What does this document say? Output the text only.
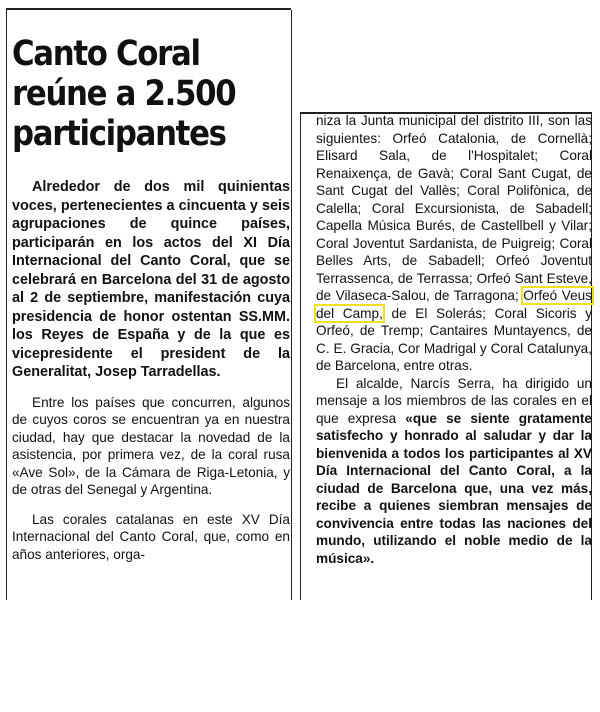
Canto Coral reúne a 2.500 participantes

Alrededor de dos mil quinientas voces, pertenecientes a cincuenta y seis agrupaciones de quince países, participarán en los actos del XI Día Internacional del Canto Coral, que se celebrará en Barcelona del 31 de agosto al 2 de septiembre, manifestación cuya presidencia de honor ostentan SS.MM. los Reyes de España y de la que es vicepresidente el president de la Generalitat, Josep Tarradellas.

Entre los países que concurren, algunos de cuyos coros se encuentran ya en nuestra ciudad, hay que destacar la novedad de la asistencia, por primera vez, de la coral rusa «Ave Sol», de la Cámara de Riga-Letonia, y de otras del Senegal y Argentina.

Las corales catalanas en este XV Día Internacional del Canto Coral, que, como en años anteriores, orga-

niza la Junta municipal del distrito III, son las siguientes: Orfeó Catalonia, de Cornellà; Elisard Sala, de l'Hospitalet; Coral Renaixença, de Gavà; Coral Sant Cugat, de Sant Cugat del Vallès; Coral Polifònica, de Calella; Coral Excursionista, de Sabadell; Capella Música Burés, de Castellbell y Vilar; Coral Joventut Sardanista, de Puigreig; Coral Belles Arts, de Sabadell; Orfeó Joventut Terrassenca, de Terrassa; Orfeó Sant Esteve, de Vilaseca-Salou, de Tarragona; Orfeó Veus del Camp, de El Solerás; Coral Sicoris y Orfeó, de Tremp; Cantaires Muntayencs, de C. E. Gracia, Cor Madrigal y Coral Catalunya, de Barcelona, entre otras.

El alcalde, Narcís Serra, ha dirigido un mensaje a los miembros de las corales en el que expresa «que se siente gratamente satisfecho y honrado al saludar y dar la bienvenida a todos los participantes al XV Día Internacional del Canto Coral, a la ciudad de Barcelona que, una vez más, recibe a quienes siembran mensajes de convivencia entre todas las naciones del mundo, utilizando el noble medio de la música».
